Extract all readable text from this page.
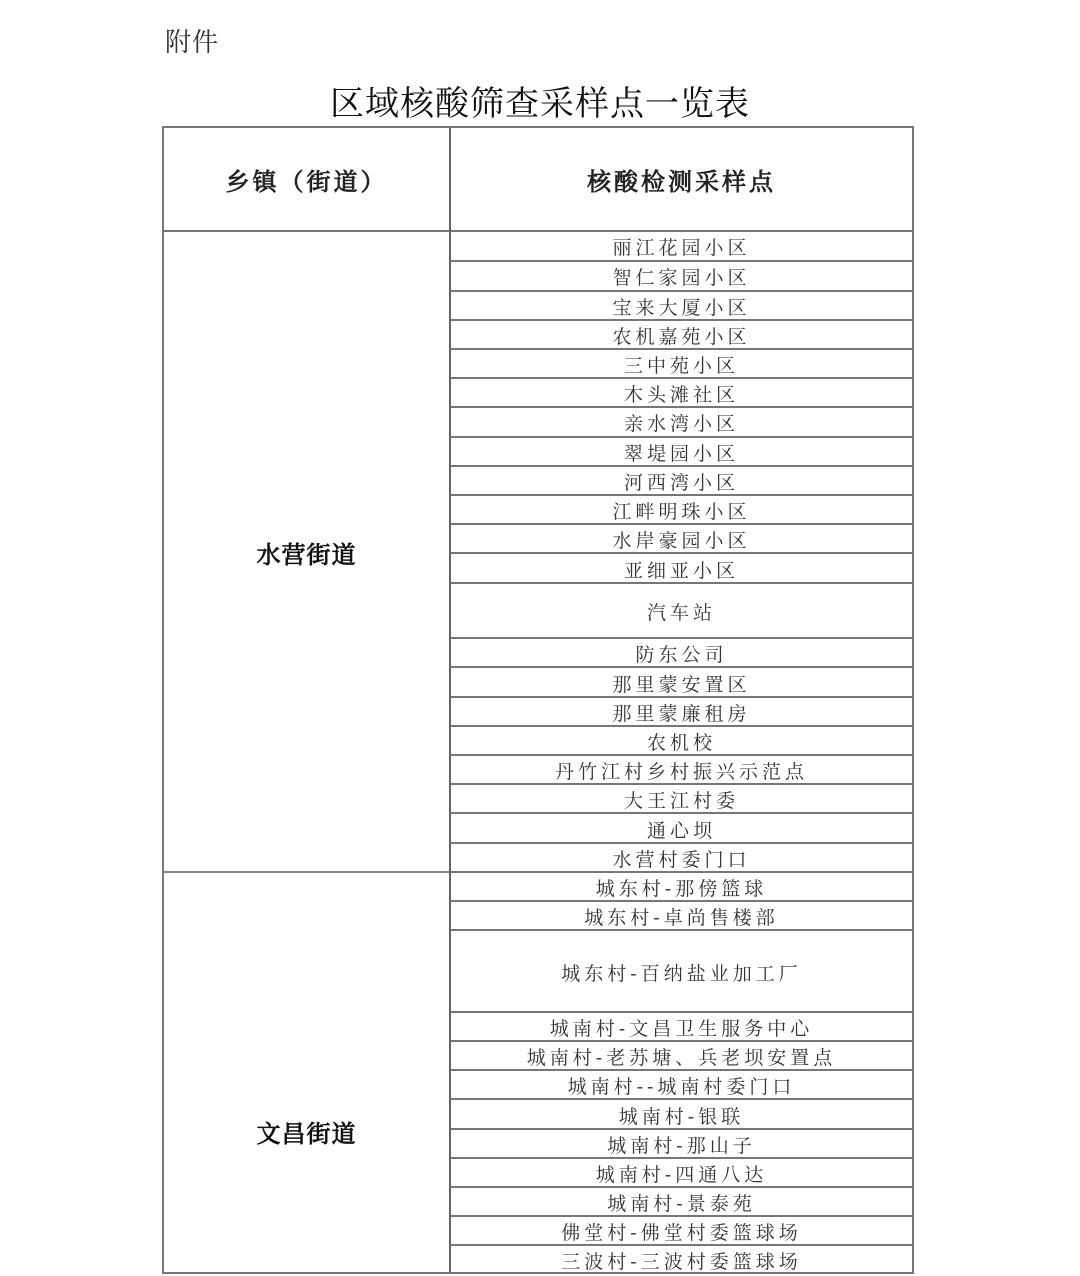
附件
区域核酸筛查采样点一览表
乡镇（街道）	核酸检测采样点
水营街道
文昌街道
丽江花园小区
智仁家园小区
宝来大厦小区
农机嘉苑小区
三中苑小区
木头滩社区
亲水湾小区
翠堤园小区
河西湾小区
江畔明珠小区
水岸豪园小区
亚细亚小区
汽车站
防东公司
那里蒙安置区
那里蒙廉租房
农机校
丹竹江村乡村振兴示范点
大王江村委
通心坝
水营村委门口
城东村-那傍篮球
城东村-卓尚售楼部
城东村-百纳盐业加工厂
城南村-文昌卫生服务中心
城南村-老苏塘、兵老坝安置点
城南村--城南村委门口
城南村-银联
城南村-那山子
城南村-四通八达
城南村-景泰苑
佛堂村-佛堂村委篮球场
三波村-三波村委篮球场
